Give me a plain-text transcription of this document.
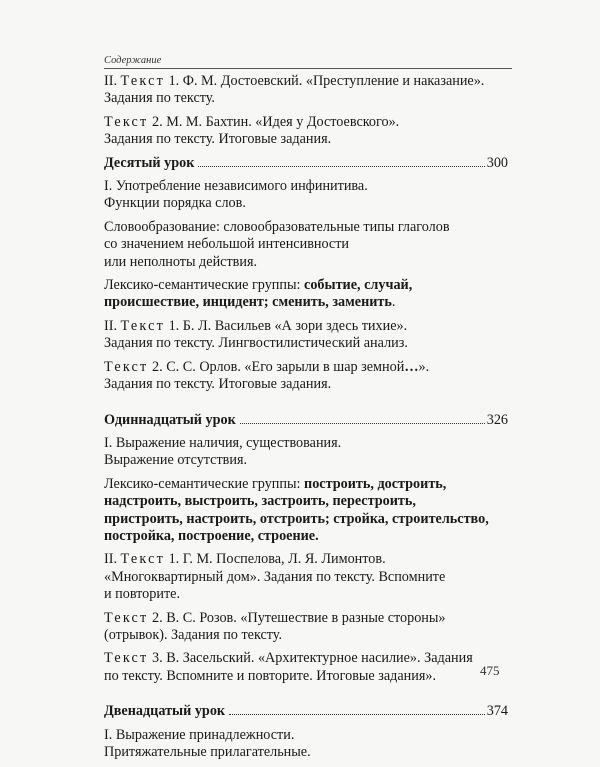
Содержание
II. Текст 1. Ф. М. Достоевский. «Преступление и наказание».
Задания по тексту.
Текст 2. М. М. Бахтин. «Идея у Достоевского».
Задания по тексту. Итоговые задания.
Десятый урок	300
I. Употребление независимого инфинитива.
Функции порядка слов.
Словообразование: словообразовательные типы глаголов
со значением небольшой интенсивности
или неполноты действия.
Лексико-семантические группы: событие, случай,
происшествие, инцидент; сменить, заменить.
II. Текст 1. Б. Л. Васильев «А зори здесь тихие».
Задания по тексту. Лингвостилистический анализ.
Текст 2. С. С. Орлов. «Его зарыли в шар земной…».
Задания по тексту. Итоговые задания.
Одиннадцатый урок	326
I. Выражение наличия, существования.
Выражение отсутствия.
Лексико-семантические группы: построить, достроить,
надстроить, выстроить, застроить, перестроить,
пристроить, настроить, отстроить; стройка, строительство,
постройка, построение, строение.
II. Текст 1. Г. М. Поспелова, Л. Я. Лимонтов.
«Многоквартирный дом». Задания по тексту. Вспомните
и повторите.
Текст 2. В. С. Розов. «Путешествие в разные стороны»
(отрывок). Задания по тексту.
Текст 3. В. Засельский. «Архитектурное насилие». Задания
по тексту. Вспомните и повторите. Итоговые задания».
Двенадцатый урок	374
I. Выражение принадлежности.
Притяжательные прилагательные.
475
